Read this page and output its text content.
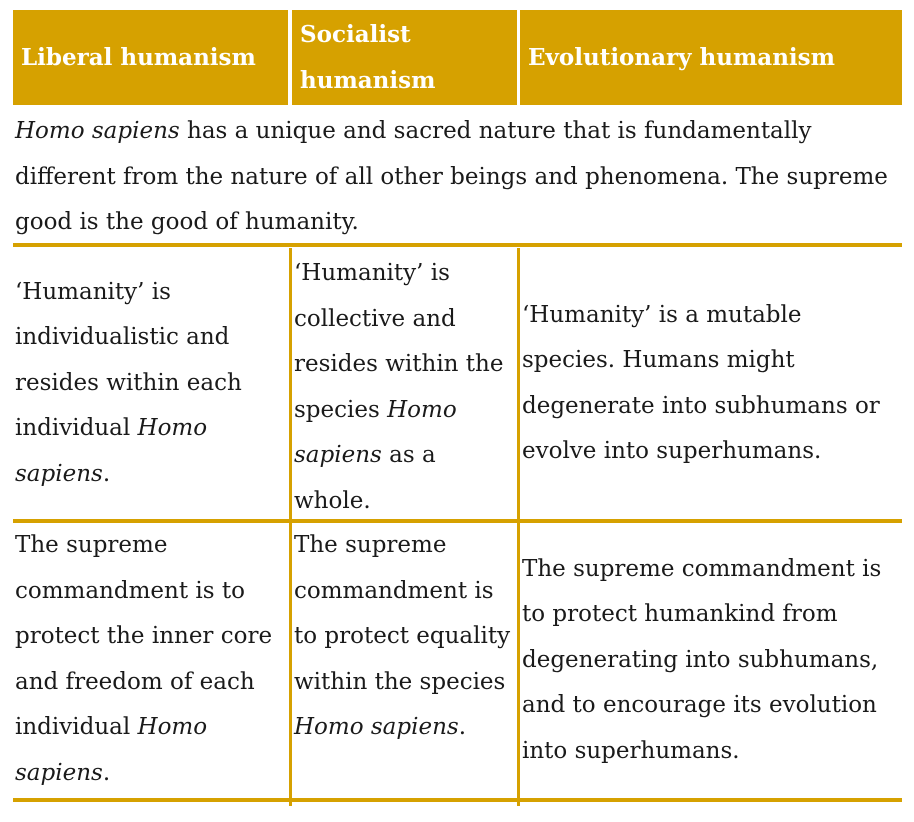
Liberal humanism
Socialist humanism
Evolutionary humanism
Homo sapiens has a unique and sacred nature that is fundamentally different from the nature of all other beings and phenomena. The supreme good is the good of humanity.
‘Humanity’ is individualistic and resides within each individual Homo sapiens.
‘Humanity’ is collective and resides within the species Homo sapiens as a whole.
‘Humanity’ is a mutable species. Humans might degenerate into subhumans or evolve into superhumans.
The supreme commandment is to protect the inner core and freedom of each individual Homo sapiens.
The supreme commandment is to protect equality within the species Homo sapiens.
The supreme commandment is to protect humankind from degenerating into subhumans, and to encourage its evolution into superhumans.
